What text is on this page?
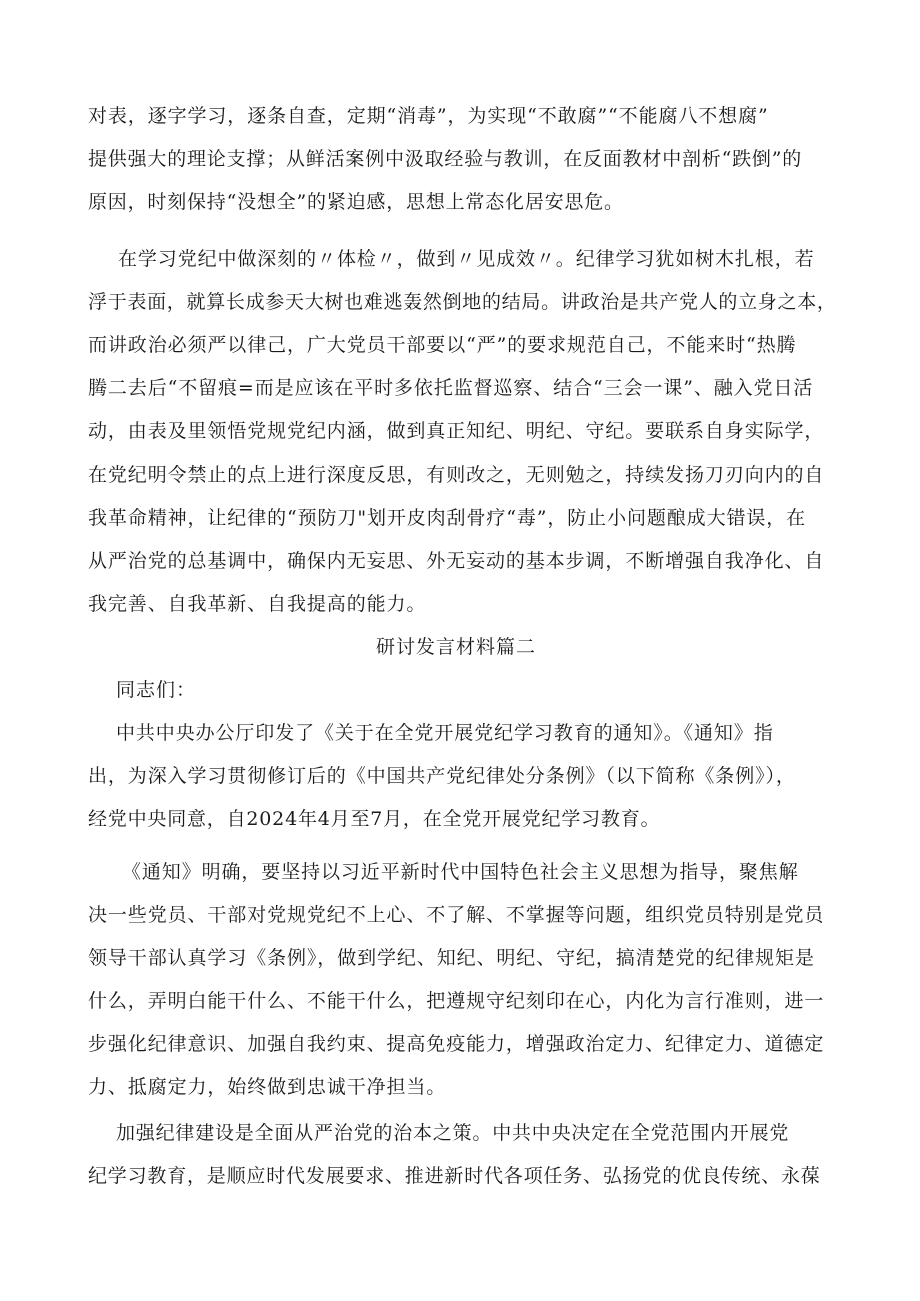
对表，逐字学习，逐条自查，定期“消毒”，为实现“不敢腐”“不能腐八不想腐”
提供强大的理论支撑；从鲜活案例中汲取经验与教训，在反面教材中剖析“跌倒”的
原因，时刻保持“没想全”的紧迫感，思想上常态化居安思危。
在学习党纪中做深刻的〃体检〃，做到〃见成效〃。纪律学习犹如树木扎根，若
浮于表面，就算长成参天大树也难逃轰然倒地的结局。讲政治是共产党人的立身之本，
而讲政治必须严以律己，广大党员干部要以“严”的要求规范自己，不能来时“热腾
腾二去后“不留痕=而是应该在平时多依托监督巡察、结合“三会一课”、融入党日活
动，由表及里领悟党规党纪内涵，做到真正知纪、明纪、守纪。要联系自身实际学，
在党纪明令禁止的点上进行深度反思，有则改之，无则勉之，持续发扬刀刃向内的自
我革命精神，让纪律的“预防刀"划开皮肉刮骨疗“毒”，防止小问题酿成大错误，在
从严治党的总基调中，确保内无妄思、外无妄动的基本步调，不断增强自我净化、自
我完善、自我革新、自我提高的能力。
研讨发言材料篇二
同志们：
中共中央办公厅印发了《关于在全党开展党纪学习教育的通知》。《通知》指
出，为深入学习贯彻修订后的《中国共产党纪律处分条例》（以下简称《条例》），
经党中央同意，自2024年4月至7月，在全党开展党纪学习教育。
《通知》明确，要坚持以习近平新时代中国特色社会主义思想为指导，聚焦解
决一些党员、干部对党规党纪不上心、不了解、不掌握等问题，组织党员特别是党员
领导干部认真学习《条例》，做到学纪、知纪、明纪、守纪，搞清楚党的纪律规矩是
什么，弄明白能干什么、不能干什么，把遵规守纪刻印在心，内化为言行准则，进一
步强化纪律意识、加强自我约束、提高免疫能力，增强政治定力、纪律定力、道德定
力、抵腐定力，始终做到忠诚干净担当。
加强纪律建设是全面从严治党的治本之策。中共中央决定在全党范围内开展党
纪学习教育，是顺应时代发展要求、推进新时代各项任务、弘扬党的优良传统、永葆
